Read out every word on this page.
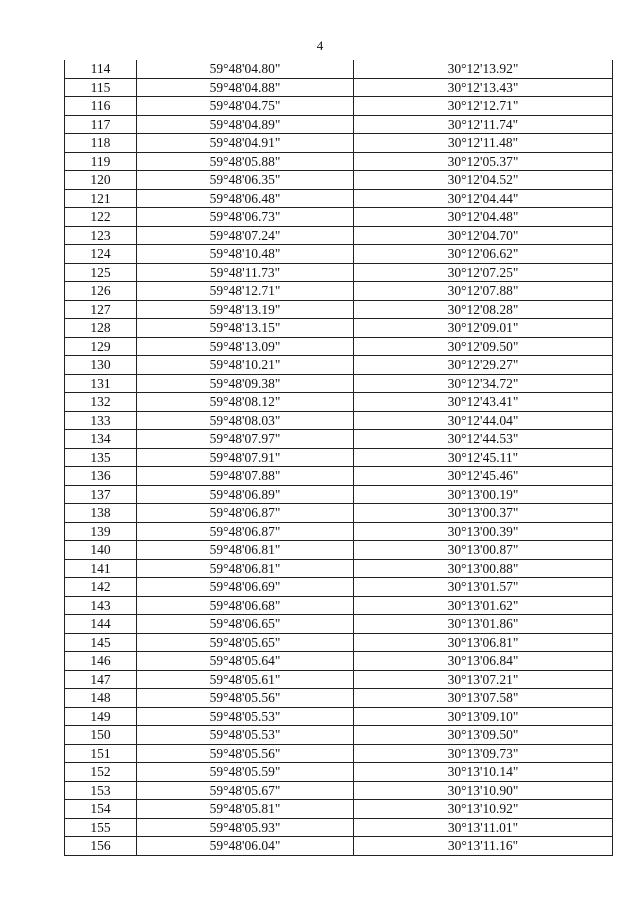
4
114	59°48'04.80"	30°12'13.92"
115	59°48'04.88"	30°12'13.43"
116	59°48'04.75"	30°12'12.71"
117	59°48'04.89"	30°12'11.74"
118	59°48'04.91"	30°12'11.48"
119	59°48'05.88"	30°12'05.37"
120	59°48'06.35"	30°12'04.52"
121	59°48'06.48"	30°12'04.44"
122	59°48'06.73"	30°12'04.48"
123	59°48'07.24"	30°12'04.70"
124	59°48'10.48"	30°12'06.62"
125	59°48'11.73"	30°12'07.25"
126	59°48'12.71"	30°12'07.88"
127	59°48'13.19"	30°12'08.28"
128	59°48'13.15"	30°12'09.01"
129	59°48'13.09"	30°12'09.50"
130	59°48'10.21"	30°12'29.27"
131	59°48'09.38"	30°12'34.72"
132	59°48'08.12"	30°12'43.41"
133	59°48'08.03"	30°12'44.04"
134	59°48'07.97"	30°12'44.53"
135	59°48'07.91"	30°12'45.11"
136	59°48'07.88"	30°12'45.46"
137	59°48'06.89"	30°13'00.19"
138	59°48'06.87"	30°13'00.37"
139	59°48'06.87"	30°13'00.39"
140	59°48'06.81"	30°13'00.87"
141	59°48'06.81"	30°13'00.88"
142	59°48'06.69"	30°13'01.57"
143	59°48'06.68"	30°13'01.62"
144	59°48'06.65"	30°13'01.86"
145	59°48'05.65"	30°13'06.81"
146	59°48'05.64"	30°13'06.84"
147	59°48'05.61"	30°13'07.21"
148	59°48'05.56"	30°13'07.58"
149	59°48'05.53"	30°13'09.10"
150	59°48'05.53"	30°13'09.50"
151	59°48'05.56"	30°13'09.73"
152	59°48'05.59"	30°13'10.14"
153	59°48'05.67"	30°13'10.90"
154	59°48'05.81"	30°13'10.92"
155	59°48'05.93"	30°13'11.01"
156	59°48'06.04"	30°13'11.16"
